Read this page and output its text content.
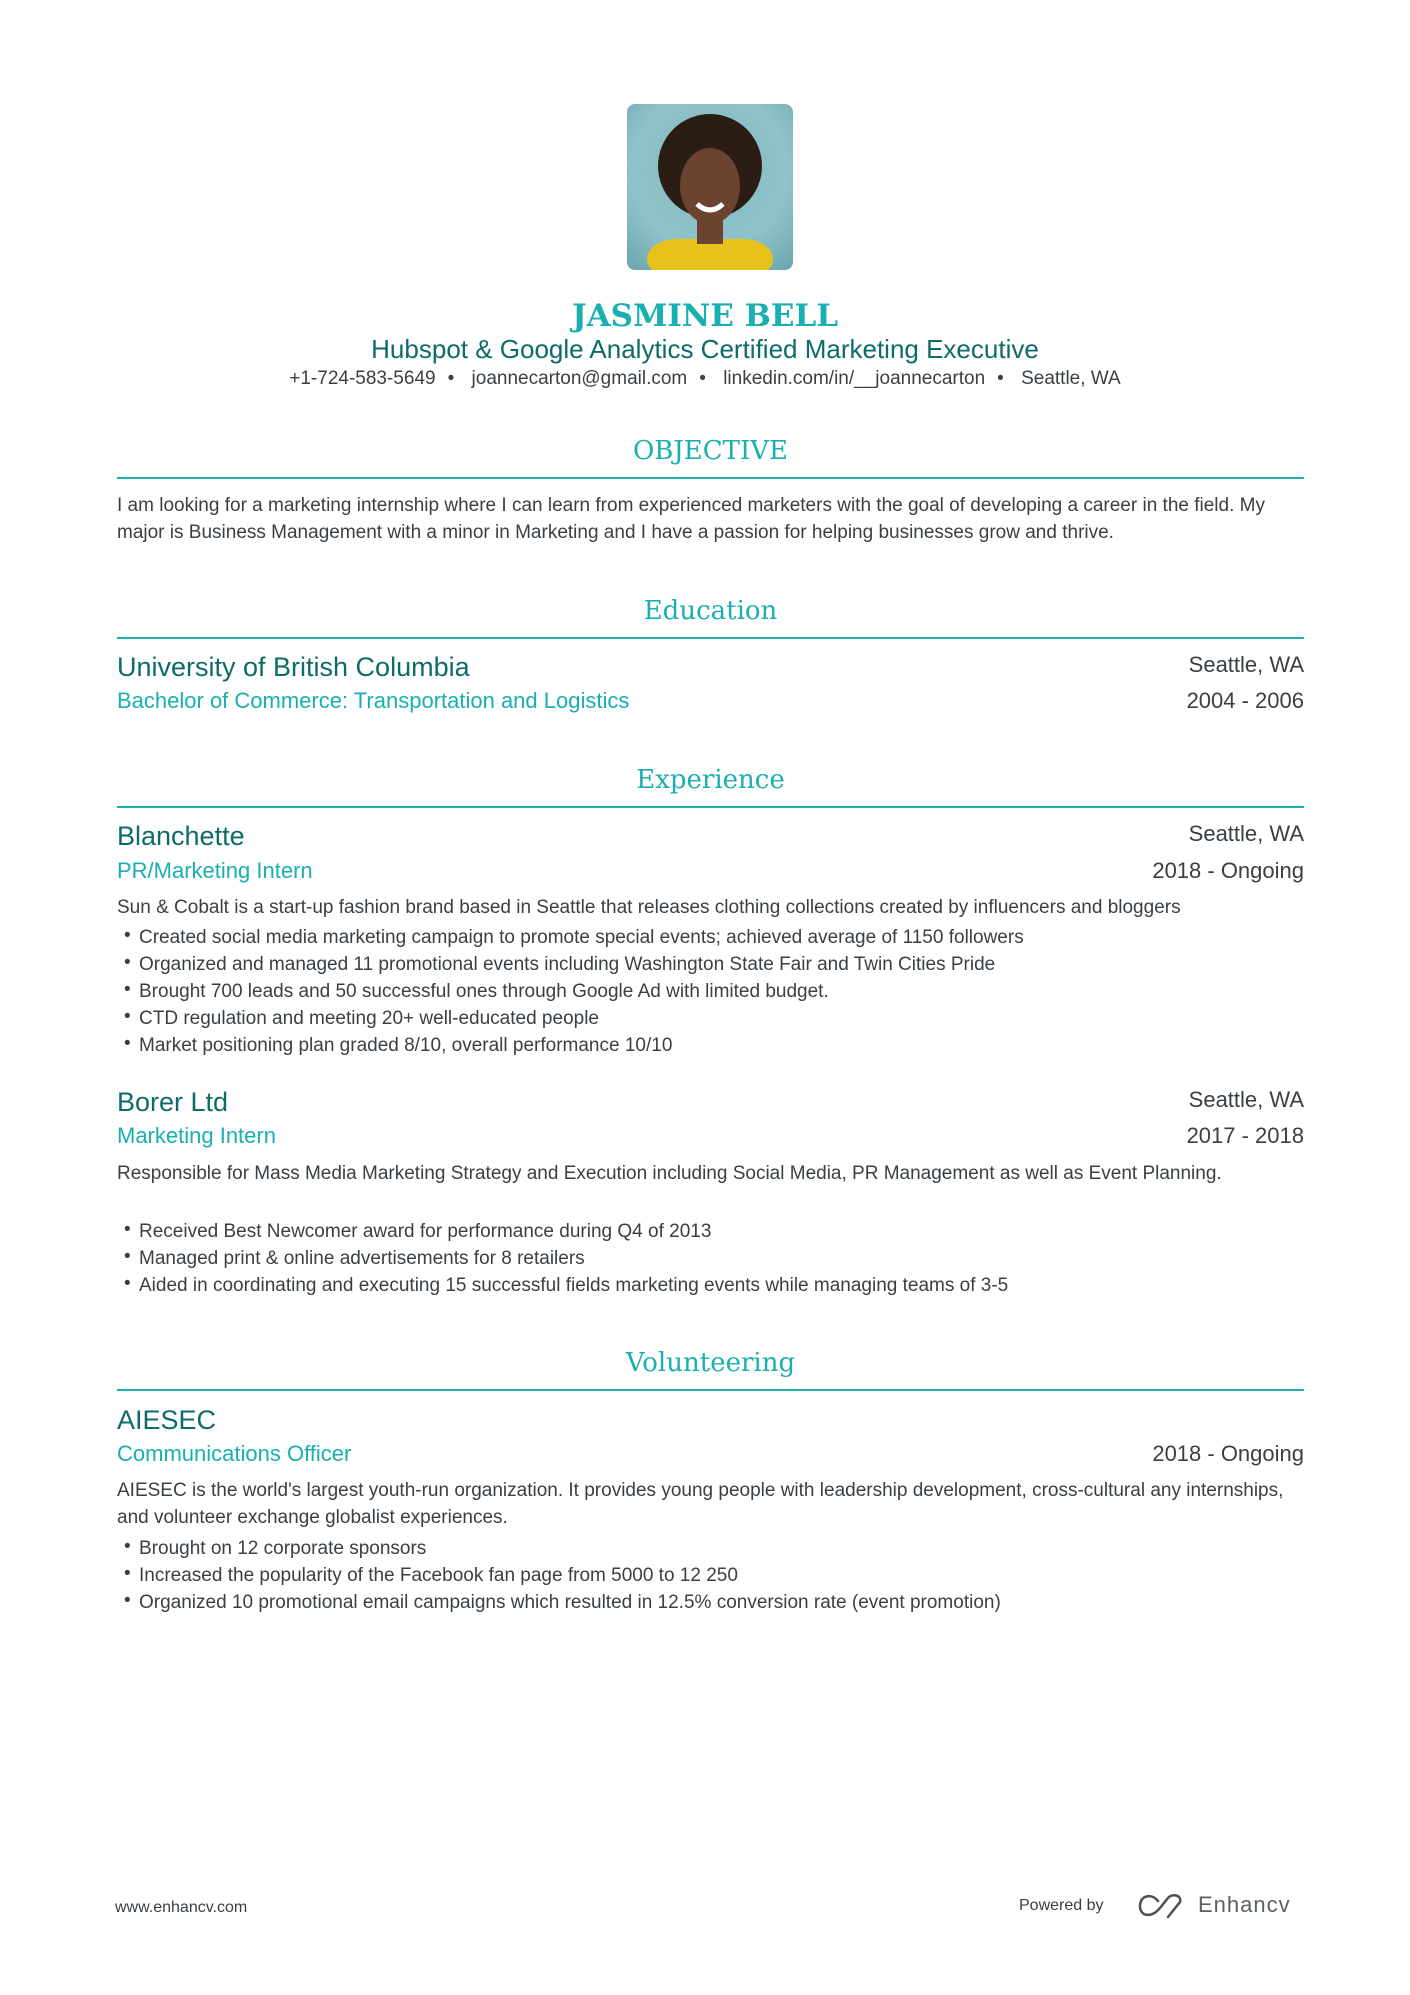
JASMINE BELL
Hubspot & Google Analytics Certified Marketing Executive
+1-724-583-5649 • joannecarton@gmail.com • linkedin.com/in/__joannecarton • Seattle, WA
OBJECTIVE
I am looking for a marketing internship where I can learn from experienced marketers with the goal of developing a career in the field. My major is Business Management with a minor in Marketing and I have a passion for helping businesses grow and thrive.
Education
University of British Columbia	Seattle, WA
Bachelor of Commerce: Transportation and Logistics	2004 - 2006
Experience
Blanchette	Seattle, WA
PR/Marketing Intern	2018 - Ongoing
Sun & Cobalt is a start-up fashion brand based in Seattle that releases clothing collections created by influencers and bloggers
• Created social media marketing campaign to promote special events; achieved average of 1150 followers
• Organized and managed 11 promotional events including Washington State Fair and Twin Cities Pride
• Brought 700 leads and 50 successful ones through Google Ad with limited budget.
• CTD regulation and meeting 20+ well-educated people
• Market positioning plan graded 8/10, overall performance 10/10
Borer Ltd	Seattle, WA
Marketing Intern	2017 - 2018
Responsible for Mass Media Marketing Strategy and Execution including Social Media, PR Management as well as Event Planning.
• Received Best Newcomer award for performance during Q4 of 2013
• Managed print & online advertisements for 8 retailers
• Aided in coordinating and executing 15 successful fields marketing events while managing teams of 3-5
Volunteering
AIESEC
Communications Officer	2018 - Ongoing
AIESEC is the world's largest youth-run organization. It provides young people with leadership development, cross-cultural any internships, and volunteer exchange globalist experiences.
• Brought on 12 corporate sponsors
• Increased the popularity of the Facebook fan page from 5000 to 12 250
• Organized 10 promotional email campaigns which resulted in 12.5% conversion rate (event promotion)
www.enhancv.com	Powered by	Enhancv
